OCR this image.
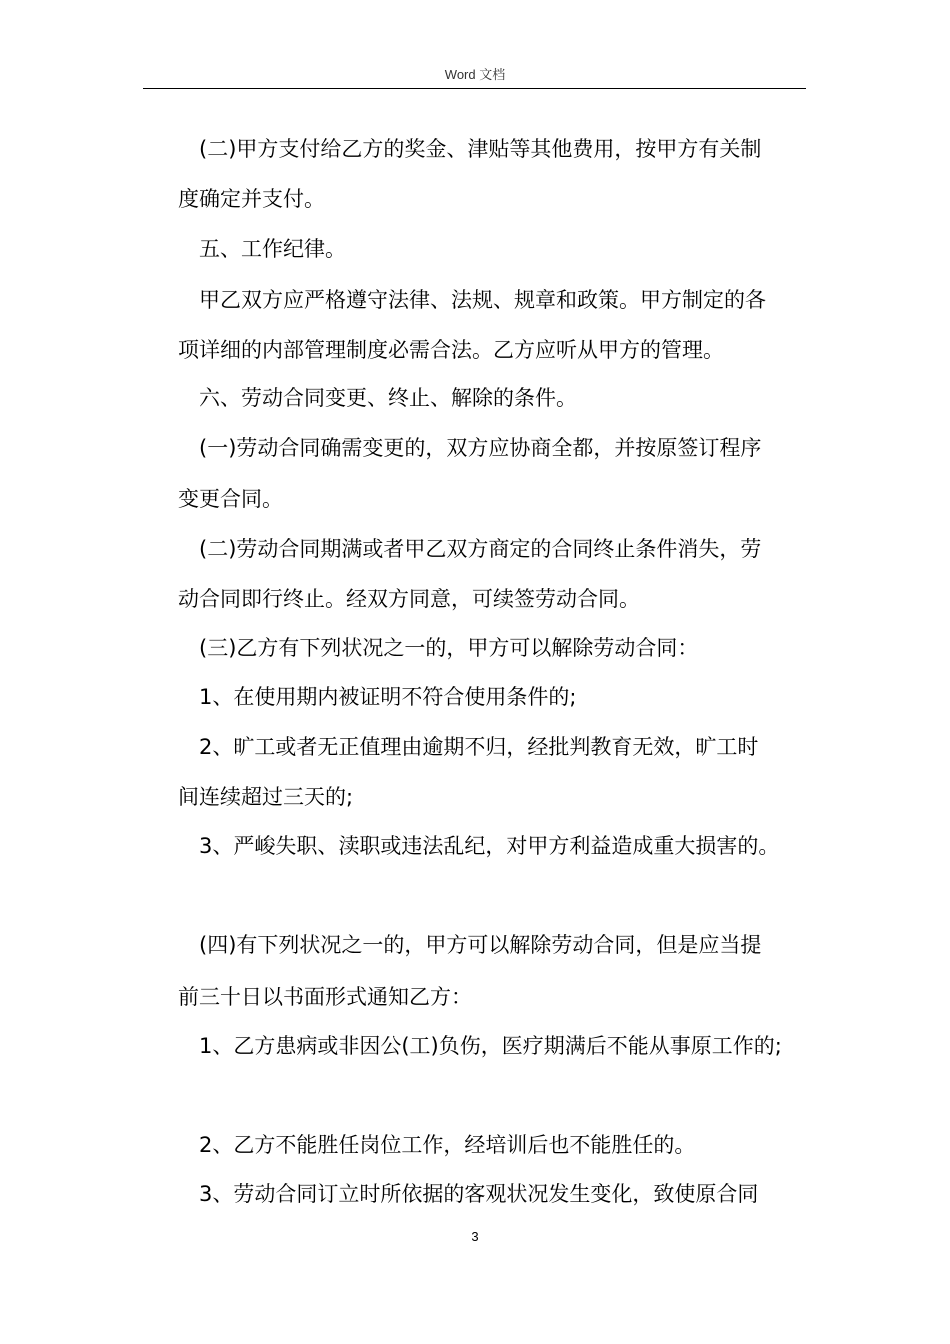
Word 文档
(二)甲方支付给乙方的奖金、津贴等其他费用，按甲方有关制
度确定并支付。
五、工作纪律。
甲乙双方应严格遵守法律、法规、规章和政策。甲方制定的各
项详细的内部管理制度必需合法。乙方应听从甲方的管理。
六、劳动合同变更、终止、解除的条件。
(一)劳动合同确需变更的，双方应协商全都，并按原签订程序
变更合同。
(二)劳动合同期满或者甲乙双方商定的合同终止条件消失，劳
动合同即行终止。经双方同意，可续签劳动合同。
(三)乙方有下列状况之一的，甲方可以解除劳动合同：
1、在使用期内被证明不符合使用条件的;
2、旷工或者无正值理由逾期不归，经批判教育无效，旷工时
间连续超过三天的;
3、严峻失职、渎职或违法乱纪，对甲方利益造成重大损害的。
(四)有下列状况之一的，甲方可以解除劳动合同，但是应当提
前三十日以书面形式通知乙方：
1、乙方患病或非因公(工)负伤，医疗期满后不能从事原工作的;
2、乙方不能胜任岗位工作，经培训后也不能胜任的。
3、劳动合同订立时所依据的客观状况发生变化，致使原合同
3
